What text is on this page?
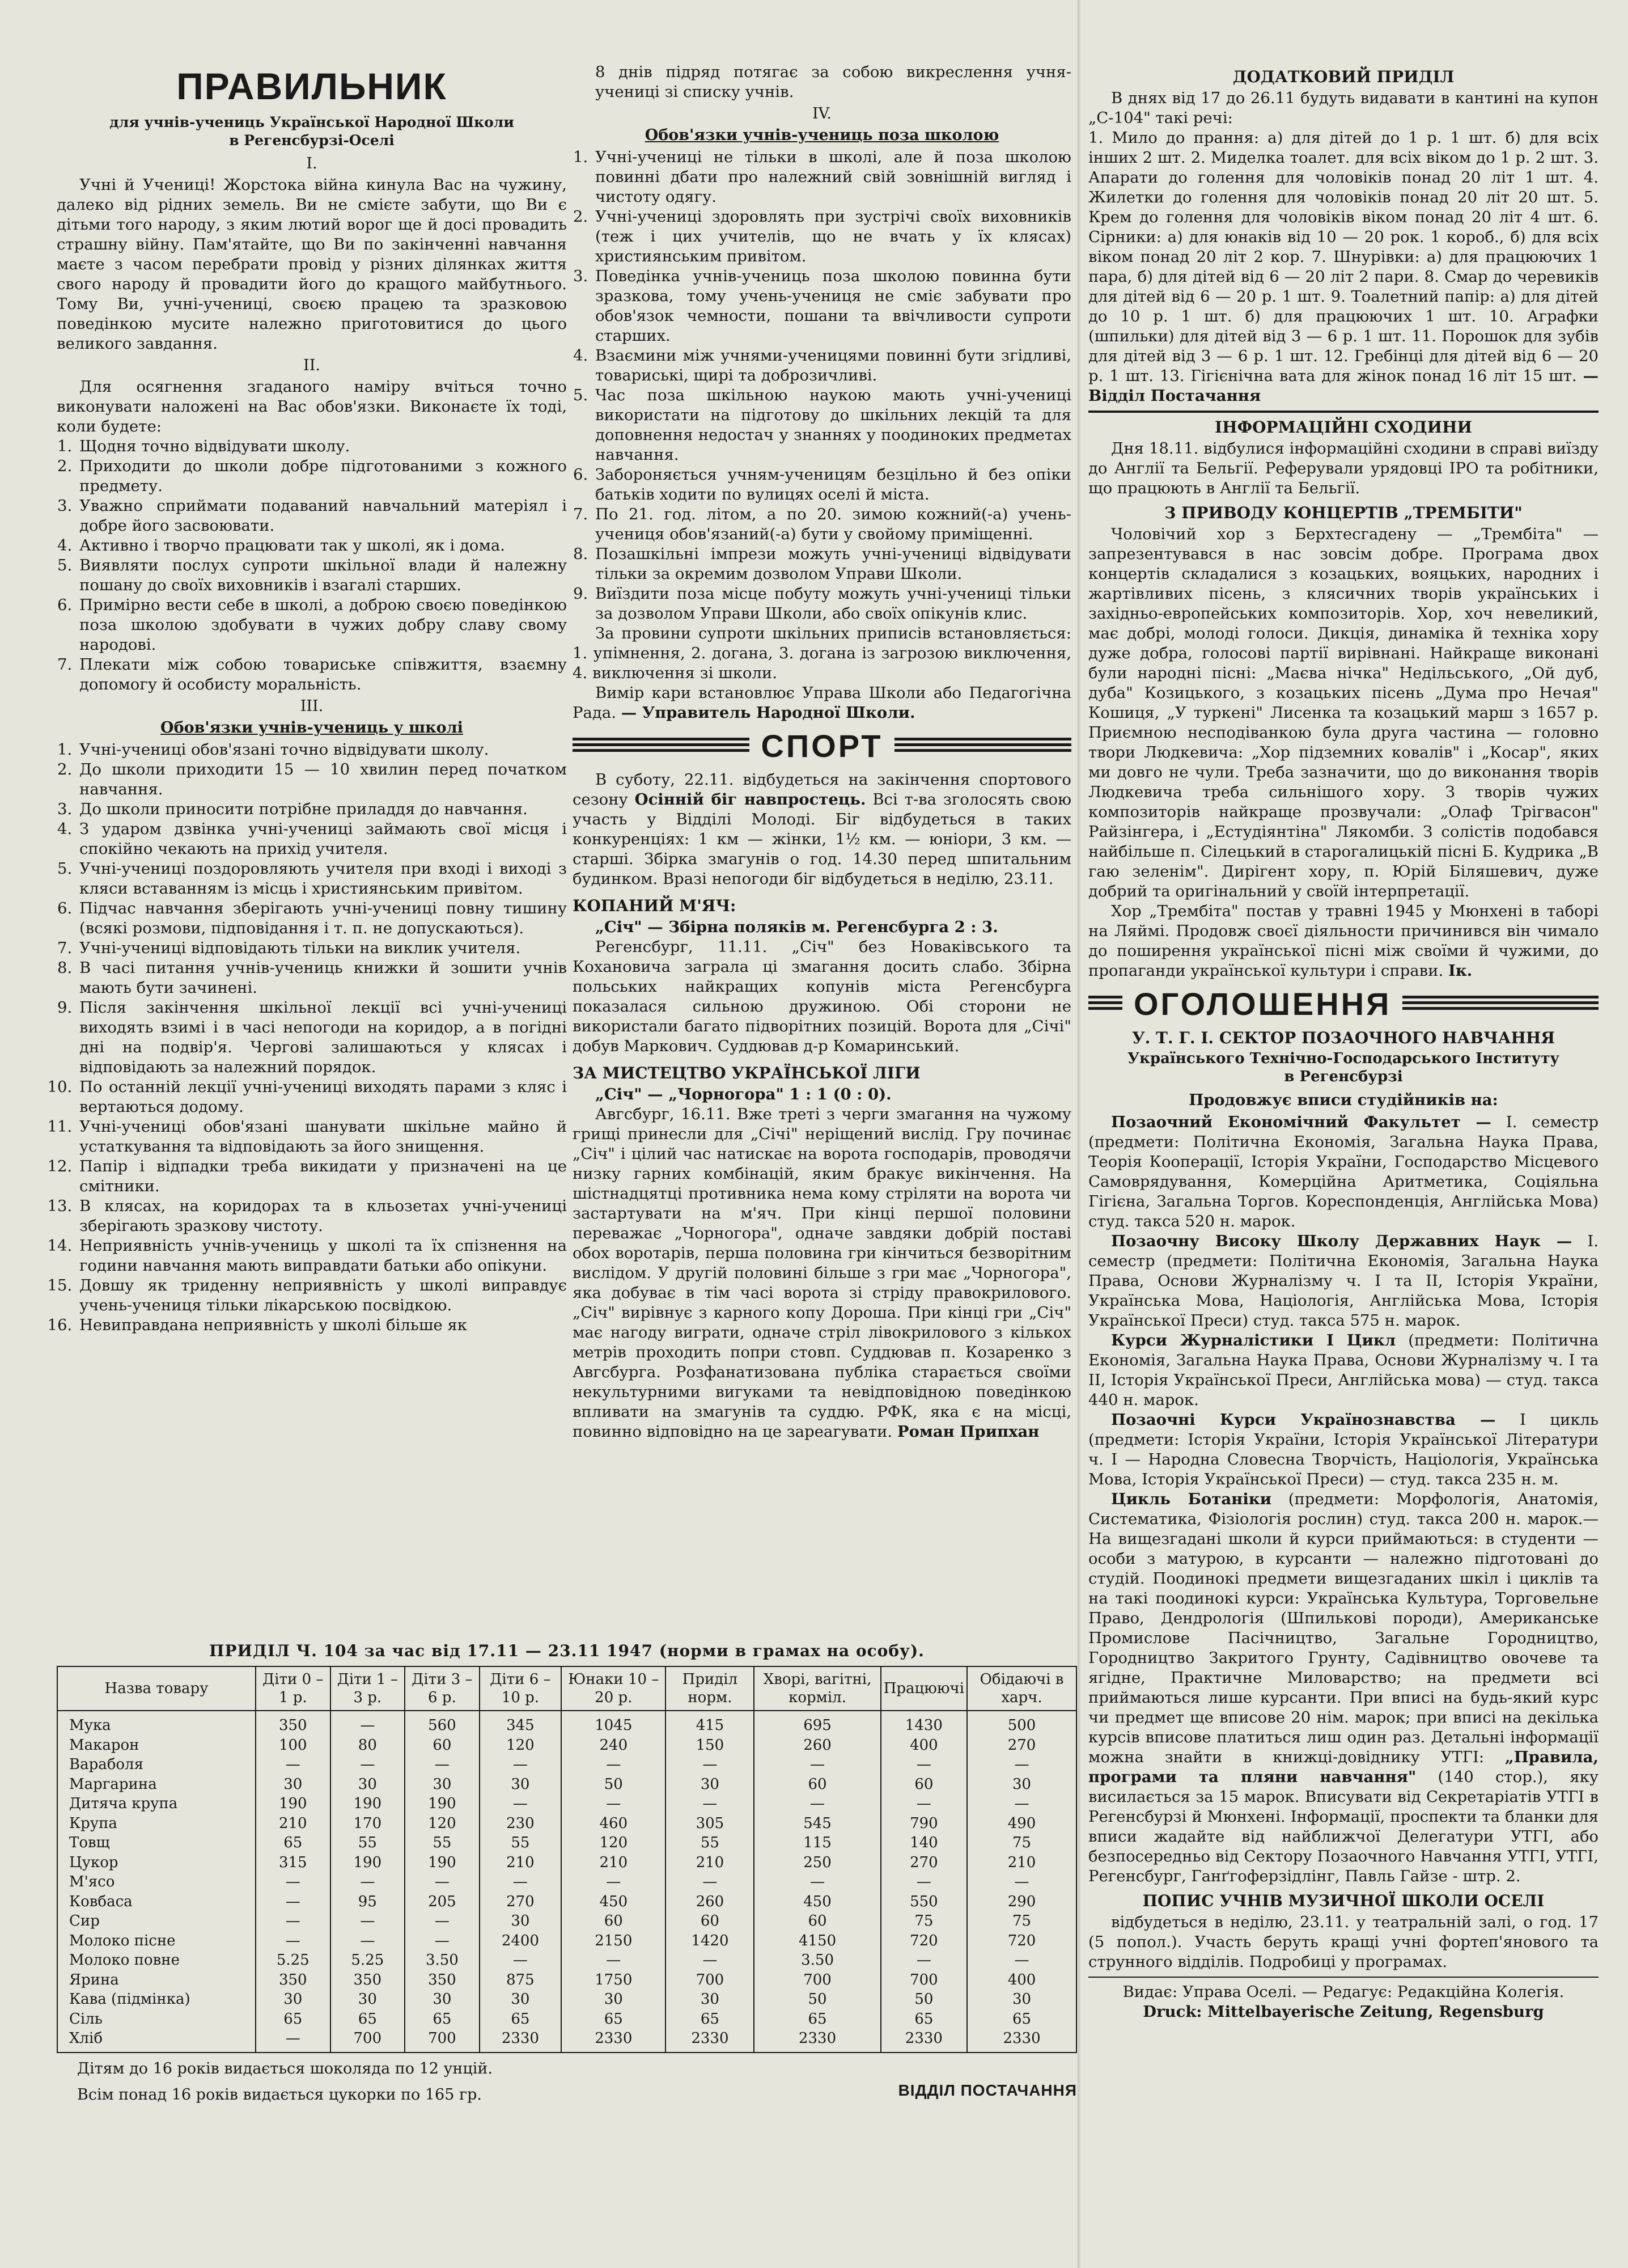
ПРАВИЛЬНИК
для учнів-учениць Української Народної Школи
в Регенсбурзі-Оселі
I.

Учні й Учениці! Жорстока війна кинула Вас на чужину, далеко від рідних земель. Ви не смієте забути, що Ви є дітьми того народу, з яким лютий ворог ще й досі провадить страшну війну. Пам'ятайте, що Ви по закінченні навчання маєте з часом перебрати провід у різних ділянках життя свого народу й провадити його до кращого майбутнього. Тому Ви, учні-учениці, своєю працею та зразковою поведінкою мусите належно приготовитися до цього великого завдання.

II.

Для осягнення згаданого наміру вчіться точно виконувати наложені на Вас обов'язки. Виконаєте їх тоді, коли будете:

1. Щодня точно відвідувати школу.
2. Приходити до школи добре підготованими з кожного предмету.
3. Уважно сприймати подаваний навчальний матеріял і добре його засвоювати.
4. Активно і творчо працювати так у школі, як і дома.
5. Виявляти послух супроти шкільної влади й належну пошану до своїх виховників і взагалі старших.
6. Примірно вести себе в школі, а доброю своєю поведінкою поза школою здобувати в чужих добру славу свому народові.
7. Плекати між собою товариське співжиття, взаємну допомогу й особисту моральність.
III.
Обов'язки учнів-учениць у школі
1. Учні-учениці обов'язані точно відвідувати школу.
2. До школи приходити 15 — 10 хвилин перед початком навчання.
3. До школи приносити потрібне приладдя до навчання.
4. З ударом дзвінка учні-учениці займають свої місця і спокійно чекають на прихід учителя.
5. Учні-учениці поздоровляють учителя при вході і виході з кляси вставанням із місць і християнським привітом.
6. Підчас навчання зберігають учні-учениці повну тишину (всякі розмови, підповідання і т. п. не допускаються).
7. Учні-учениці відповідають тільки на виклик учителя.
8. В часі питання учнів-учениць книжки й зошити учнів мають бути зачинені.
9. Після закінчення шкільної лекції всі учні-учениці виходять взимі і в часі непогоди на коридор, а в погідні дні на подвір'я. Чергові залишаються у клясах і відповідають за належний порядок.
10. По останній лекції учні-учениці виходять парами з кляс і вертаються додому.
11. Учні-учениці обов'язані шанувати шкільне майно й устаткування та відповідають за його знищення.
12. Папір і відпадки треба викидати у призначені на це смітники.
13. В клясах, на коридорах та в кльозетах учні-учениці зберігають зразкову чистоту.
14. Неприявність учнів-учениць у школі та їх спізнення на години навчання мають виправдати батьки або опікуни.
15. Довшу як триденну неприявність у школі виправдує учень-учениця тільки лікарською посвідкою.
16. Невиправдана неприявність у школі більше як

8 днів підряд потягає за собою викреслення учня-учениці зі списку учнів.

IV.
Обов'язки учнів-учениць поза школою
1. Учні-учениці не тільки в школі, але й поза школою повинні дбати про належний свій зовнішній вигляд і чистоту одягу.
2. Учні-учениці здоровлять при зустрічі своїх виховників (теж і цих учителів, що не вчать у їх клясах) християнським привітом.
3. Поведінка учнів-учениць поза школою повинна бути зразкова, тому учень-учениця не сміє забувати про обов'язок чемности, пошани та ввічливости супроти старших.
4. Взаємини між учнями-ученицями повинні бути згідливі, товариські, щирі та доброзичливі.
5. Час поза шкільною наукою мають учні-учениці використати на підготову до шкільних лекцій та для доповнення недостач у знаннях у поодиноких предметах навчання.
6. Забороняється учням-ученицям безцільно й без опіки батьків ходити по вулицях оселі й міста.
7. По 21. год. літом, а по 20. зимою кожний(-а) учень-учениця обов'язаний(-а) бути у свойому приміщенні.
8. Позашкільні імпрези можуть учні-учениці відвідувати тільки за окремим дозволом Управи Школи.
9. Виїздити поза місце побуту можуть учні-учениці тільки за дозволом Управи Школи, або своїх опікунів клис.

За провини супроти шкільних приписів встановляється: 1. упімнення, 2. догана, 3. догана із загрозою виключення, 4. виключення зі школи.

Вимір кари встановлює Управа Школи або Педагогічна Рада. — Управитель Народної Школи.

СПОРТ

В суботу, 22.11. відбудеться на закінчення спортового сезону Осінній біг навпростець. Всі т-ва зголосять свою участь у Відділі Молоді. Біг відбудеться в таких конкуренціях: 1 км — жінки, 1½ км. — юніори, 3 км. — старші. Збірка змагунів о год. 14.30 перед шпитальним будинком. Вразі непогоди біг відбудеться в неділю, 23.11.

КОПАНИЙ М'ЯЧ:

„Січ" — Збірна поляків м. Регенсбурга 2 : 3.

Регенсбург, 11.11. „Січ" без Новаківського та Кохановича заграла ці змагання досить слабо. Збірна польських найкращих копунів міста Регенсбурга показалася сильною дружиною. Обі сторони не використали багато підворітних позицій. Ворота для „Січі" добув Маркович. Суддював д-р Комаринський.

ЗА МИСТЕЦТВО УКРАЇНСЬКОЇ ЛІГИ

„Січ" — „Чорногора" 1 : 1 (0 : 0).

Авгсбург, 16.11. Вже треті з черги змагання на чужому грищі принесли для „Січі" неріщений вислід. Гру починає „Січ" і цілий час натискає на ворота господарів, проводячи низку гарних комбінацій, яким бракує викінчення. На шістнадцятці противника нема кому стріляти на ворота чи застартувати на м'яч. При кінці першої половини переважає „Чорногора", одначе завдяки добрій поставі обох воротарів, перша половина гри кінчиться безворітним вислідом. У другій половині більше з гри має „Чорногора", яка добуває в тім часі ворота зі стріду правокрилового. „Січ" вирівнує з карного копу Дороша. При кінці гри „Січ" має нагоду виграти, одначе стріл лівокрилового з кількох метрів проходить попри стовп. Суддював п. Козаренко з Авгсбурга. Розфанатизована публіка старається своїми некультурними вигуками та невідповідною поведінкою впливати на змагунів та суддю. РФК, яка є на місці, повинно відповідно на це зареагувати. Роман Припхан

ДОДАТКОВИЙ ПРИДІЛ

В днях від 17 до 26.11 будуть видавати в кантині на купон „С-104" такі речі:

1. Мило до прання: а) для дітей до 1 р. 1 шт. б) для всіх інших 2 шт. 2. Миделка тоалет. для всіх віком до 1 р. 2 шт. 3. Апарати до голення для чоловіків понад 20 літ 1 шт. 4. Жилетки до голення для чоловіків понад 20 літ 20 шт. 5. Крем до голення для чоловіків віком понад 20 літ 4 шт. 6. Сірники: а) для юнаків від 10 — 20 рок. 1 короб., б) для всіх віком понад 20 літ 2 кор. 7. Шнурівки: а) для працюючих 1 пара, б) для дітей від 6 — 20 літ 2 пари. 8. Смар до черевиків для дітей від 6 — 20 р. 1 шт. 9. Тоалетний папір: а) для дітей до 10 р. 1 шт. б) для працюючих 1 шт. 10. Аграфки (шпильки) для дітей від 3 — 6 р. 1 шт. 11. Порошок для зубів для дітей від 3 — 6 р. 1 шт. 12. Гребінці для дітей від 6 — 20 р. 1 шт. 13. Гігієнічна вата для жінок понад 16 літ 15 шт. — Відділ Постачання

ІНФОРМАЦІЙНІ СХОДИНИ

Дня 18.11. відбулися інформаційні сходини в справі виїзду до Англії та Бельгії. Реферували урядовці ІРО та робітники, що працюють в Англії та Бельгії.

З ПРИВОДУ КОНЦЕРТІВ „ТРЕМБІТИ"

Чоловічий хор з Берхтесгадену — „Трембіта" — запрезентувався в нас зовсім добре. Програма двох концертів складалися з козацьких, вояцьких, народних і жартівливих пісень, з клясичних творів українських і західньо-европейських композиторів. Хор, хоч невеликий, має добрі, молоді голоси. Дикція, динаміка й техніка хору дуже добра, голосові партії вирівнані. Найкраще виконані були народні пісні: „Маєва нічка" Недільського, „Ой дуб, дуба" Козицького, з козацьких пісень „Дума про Нечая" Кошиця, „У туркені" Лисенка та козацький марш з 1657 р. Приємною несподіванкою була друга частина — головно твори Людкевича: „Хор підземних ковалів" і „Косар", яких ми довго не чули. Треба зазначити, що до виконання творів Людкевича треба сильнішого хору. З творів чужих композиторів найкраще прозвучали: „Олаф Трігвасон" Райзінгера, і „Естудіянтіна" Лякомби. З солістів подобався найбільше п. Сілецький в старогалицькій пісні Б. Кудрика „В гаю зеленім". Дирігент хору, п. Юрій Біляшевич, дуже добрий та оригінальний у своїй інтерпретації.

Хор „Трембіта" постав у травні 1945 у Мюнхені в таборі на Ляймі. Продовж своєї діяльности причинився він чимало до поширення української пісні між своїми й чужими, до пропаганди української культури і справи. Ік.

ОГОЛОШЕННЯ
У. Т. Г. І. СЕКТОР ПОЗАОЧНОГО НАВЧАННЯ
Українського Технічно-Господарського Інституту
в Регенсбурзі

Продовжує вписи студійників на:

Позаочний Економічний Факультет — І. семестр (предмети: Політична Економія, Загальна Наука Права, Теорія Кооперації, Історія України, Господарство Місцевого Самоврядування, Комерційна Аритметика, Соціяльна Гігієна, Загальна Торгов. Кореспонденція, Англійська Мова) студ. такса 520 н. марок.

Позаочну Високу Школу Державних Наук — І. семестр (предмети: Політична Економія, Загальна Наука Права, Основи Журналізму ч. І та ІІ, Історія України, Українська Мова, Націологія, Англійська Мова, Історія Української Преси) студ. такса 575 н. марок.

Курси Журналістики І Цикл (предмети: Політична Економія, Загальна Наука Права, Основи Журналізму ч. І та ІІ, Історія Української Преси, Англійська мова) — студ. такса 440 н. марок.

Позаочні Курси Українознавства — І цикль (предмети: Історія України, Історія Української Літератури ч. І — Народна Словесна Творчість, Націологія, Українська Мова, Історія Української Преси) — студ. такса 235 н. м.

Цикль Ботаніки (предмети: Морфологія, Анатомія, Систематика, Фізіологія рослин) студ. такса 200 н. марок.— На вищезгадані школи й курси приймаються: в студенти — особи з матурою, в курсанти — належно підготовані до студій. Поодинокі предмети вищезгаданих шкіл і циклів та на такі поодинокі курси: Українська Культура, Торговельне Право, Дендрологія (Шпилькові породи), Американське Промислове Пасічництво, Загальне Городництво, Городництво Закритого Грунту, Садівництво овочеве та ягідне, Практичне Миловарство; на предмети всі приймаються лише курсанти. При вписі на будь-який курс чи предмет ще вписове 20 нім. марок; при вписі на декілька курсів вписове платиться лиш один раз. Детальні інформації можна знайти в книжці-довіднику УТГІ: „Правила, програми та пляни навчання" (140 стор.), яку висилається за 15 марок. Вписувати від Секретаріатів УТГІ в Регенсбурзі й Мюнхені. Інформації, проспекти та бланки для вписи жадайте від найближчої Делегатури УТГІ, або безпосередньо від Сектору Позаочного Навчання УТГІ, УТГІ, Регенсбург, Ганґгоферзідлінг, Павль Гайзе - штр. 2.

ПОПИС УЧНІВ МУЗИЧНОЇ ШКОЛИ ОСЕЛІ

відбудеться в неділю, 23.11. у театральній залі, о год. 17 (5 попол.). Участь беруть кращі учні фортеп'янового та струнного відділів. Подробиці у програмах.

Видає: Управа Оселі. — Редагує: Редакційна Колегія.

Druck: Mittelbayerische Zeitung, Regensburg

ПРИДІЛ Ч. 104 за час від 17.11 — 23.11 1947 (норми в грамах на особу).
Назва товару	Діти 0 – 1 р.	Діти 1 – 3 р.	Діти 3 – 6 р.	Діти 6 – 10 р.	Юнаки 10 – 20 р.	Приділ норм.	Хворі, вагітні, корміл.	Працюючі	Обідаючі в харч.
Мука	350	—	560	345	1045	415	695	1430	500
Макарон	100	80	60	120	240	150	260	400	270
Вараболя	—	—	—	—	—	—	—	—	—
Маргарина	30	30	30	30	50	30	60	60	30
Дитяча крупа	190	190	190	—	—	—	—	—	—
Крупа	210	170	120	230	460	305	545	790	490
Товщ	65	55	55	55	120	55	115	140	75
Цукор	315	190	190	210	210	210	250	270	210
М'ясо	—	—	—	—	—	—	—	—	—
Ковбаса	—	95	205	270	450	260	450	550	290
Сир	—	—	—	30	60	60	60	75	75
Молоко пісне	—	—	—	2400	2150	1420	4150	720	720
Молоко повне	5.25	5.25	3.50	—	—	—	3.50	—	—
Ярина	350	350	350	875	1750	700	700	700	400
Кава (підмінка)	30	30	30	30	30	30	50	50	30
Сіль	65	65	65	65	65	65	65	65	65
Хліб	—	700	700	2330	2330	2330	2330	2330	2330
Дітям до 16 років видається шоколяда по 12 унцій.
Всім понад 16 років видається цукорки по 165 гр.	ВІДДІЛ ПОСТАЧАННЯ
